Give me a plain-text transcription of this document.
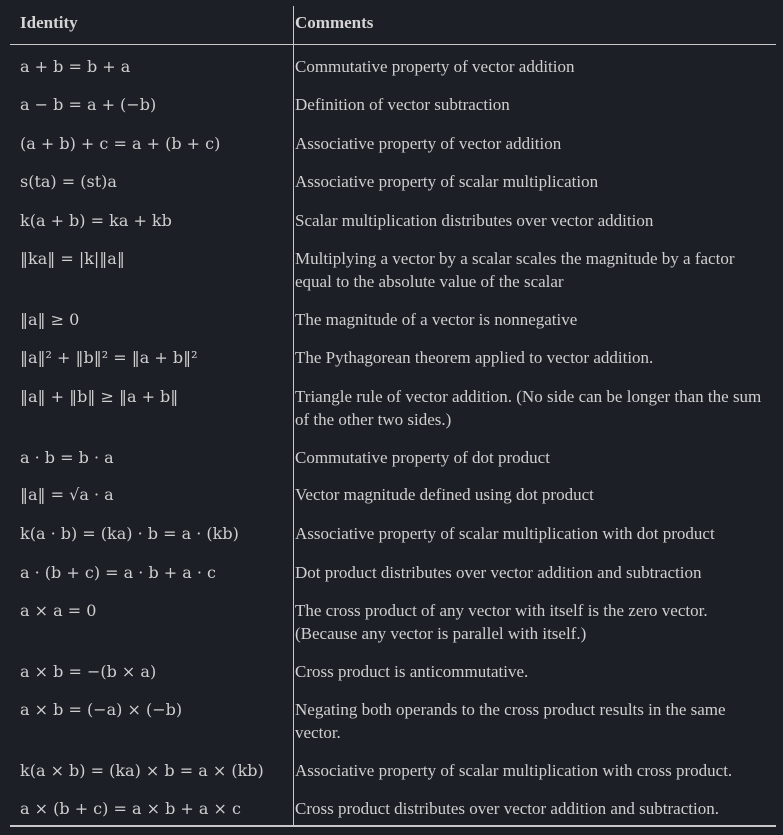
Identity	Comments
a + b = b + a	Commutative property of vector addition
a − b = a + (−b)	Definition of vector subtraction
(a + b) + c = a + (b + c)	Associative property of vector addition
s(ta) = (st)a	Associative property of scalar multiplication
k(a + b) = ka + kb	Scalar multiplication distributes over vector addition
‖ka‖ = |k|‖a‖	Multiplying a vector by a scalar scales the magnitude by a factor equal to the absolute value of the scalar
‖a‖ ≥ 0	The magnitude of a vector is nonnegative
‖a‖² + ‖b‖² = ‖a + b‖²	The Pythagorean theorem applied to vector addition.
‖a‖ + ‖b‖ ≥ ‖a + b‖	Triangle rule of vector addition. (No side can be longer than the sum of the other two sides.)
a · b = b · a	Commutative property of dot product
‖a‖ = √a · a	Vector magnitude defined using dot product
k(a · b) = (ka) · b = a · (kb)	Associative property of scalar multiplication with dot product
a · (b + c) = a · b + a · c	Dot product distributes over vector addition and subtraction
a × a = 0	The cross product of any vector with itself is the zero vector. (Because any vector is parallel with itself.)
a × b = −(b × a)	Cross product is anticommutative.
a × b = (−a) × (−b)	Negating both operands to the cross product results in the same vector.
k(a × b) = (ka) × b = a × (kb)	Associative property of scalar multiplication with cross product.
a × (b + c) = a × b + a × c	Cross product distributes over vector addition and subtraction.
